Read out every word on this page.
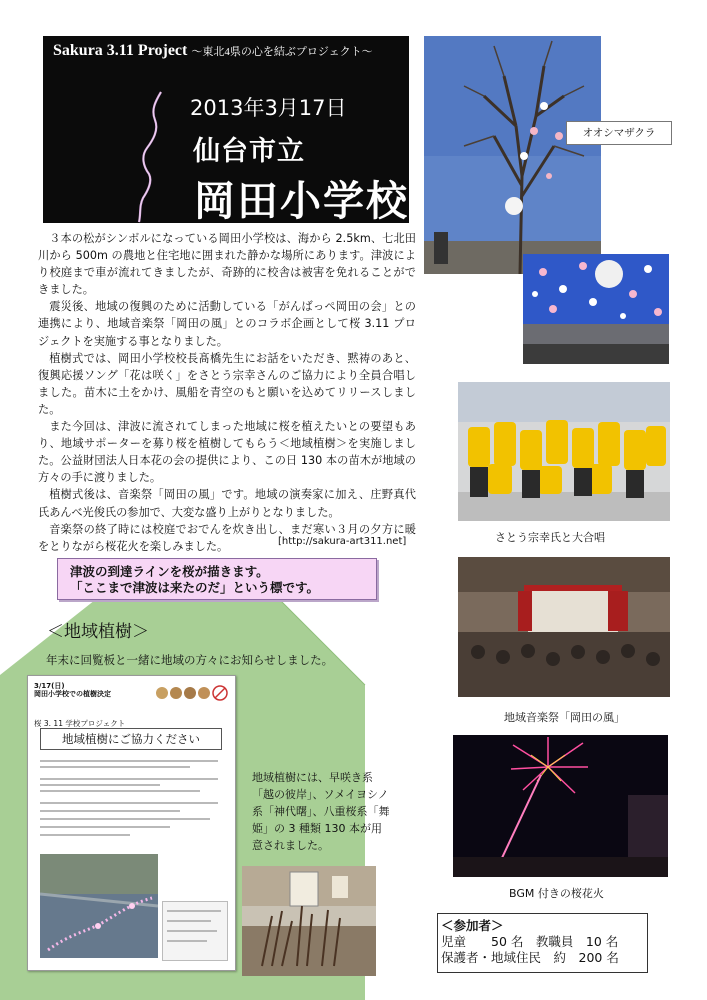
Sakura 3.11 Project ～東北4県の心を結ぶプロジェクト～
2013年3月17日
仙台市立
岡田小学校

３本の松がシンボルになっている岡田小学校は、海から 2.5km、七北田川から 500m の農地と住宅地に囲まれた静かな場所にあります。津波により校庭まで車が流れてきましたが、奇跡的に校舎は被害を免れることができました。

震災後、地域の復興のために活動している「がんばっぺ岡田の会」との連携により、地域音楽祭「岡田の風」とのコラボ企画として桜 3.11 プロジェクトを実施する事となりました。

植樹式では、岡田小学校校長髙橋先生にお話をいただき、黙祷のあと、復興応援ソング「花は咲く」をさとう宗幸さんのご協力により全員合唱しました。苗木に土をかけ、風船を青空のもと願いを込めてリリースしました。

また今回は、津波に流されてしまった地域に桜を植えたいとの要望もあり、地域サポーターを募り桜を植樹してもらう＜地域植樹＞を実施しました。公益財団法人日本花の会の提供により、この日 130 本の苗木が地域の方々の手に渡りました。

植樹式後は、音楽祭「岡田の風」です。地域の演奏家に加え、庄野真代氏あんべ光俊氏の参加で、大変な盛り上がりとなりました。

音楽祭の終了時には校庭でおでんを炊き出し、まだ寒い３月の夕方に暖をとりながら桜花火を楽しみました。	[http://sakura-art311.net]
津波の到達ラインを桜が描きます。
「ここまで津波は来たのだ」という標です。
＜地域植樹＞
年末に回覧板と一緒に地域の方々にお知らせしました。
3/17(日)
岡田小学校での植樹決定
桜 3. 11 学校プロジェクト
地域植樹にご協力ください
地域植樹には、早咲き系「越の彼岸」、ソメイヨシノ系「神代曙」、八重桜系「舞姫」の 3 種類 130 本が用意されました。
オオシマザクラ
さとう宗幸氏と大合唱
地域音楽祭「岡田の風」
BGM 付きの桜花火
＜参加者＞
児童　　50 名　教職員　10 名
保護者・地域住民　約　200 名
